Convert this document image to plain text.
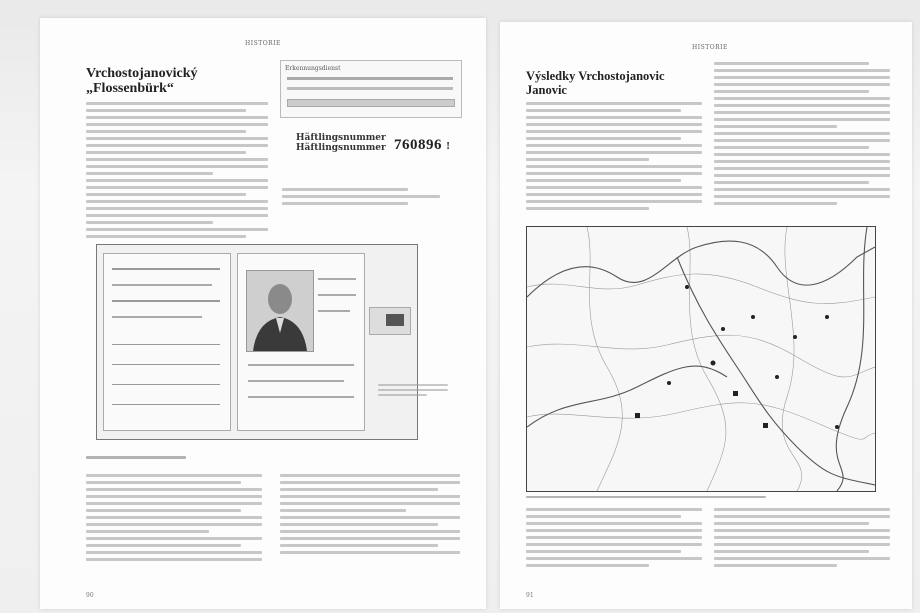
HISTORIE
Vrchostojanovický
„Flossenbürk“
Erkennungsdienst
Häftlingsnummer
Häftlingsnummer 760896 !
90
HISTORIE
Výsledky Vrchostojanovic
Janovic
91
